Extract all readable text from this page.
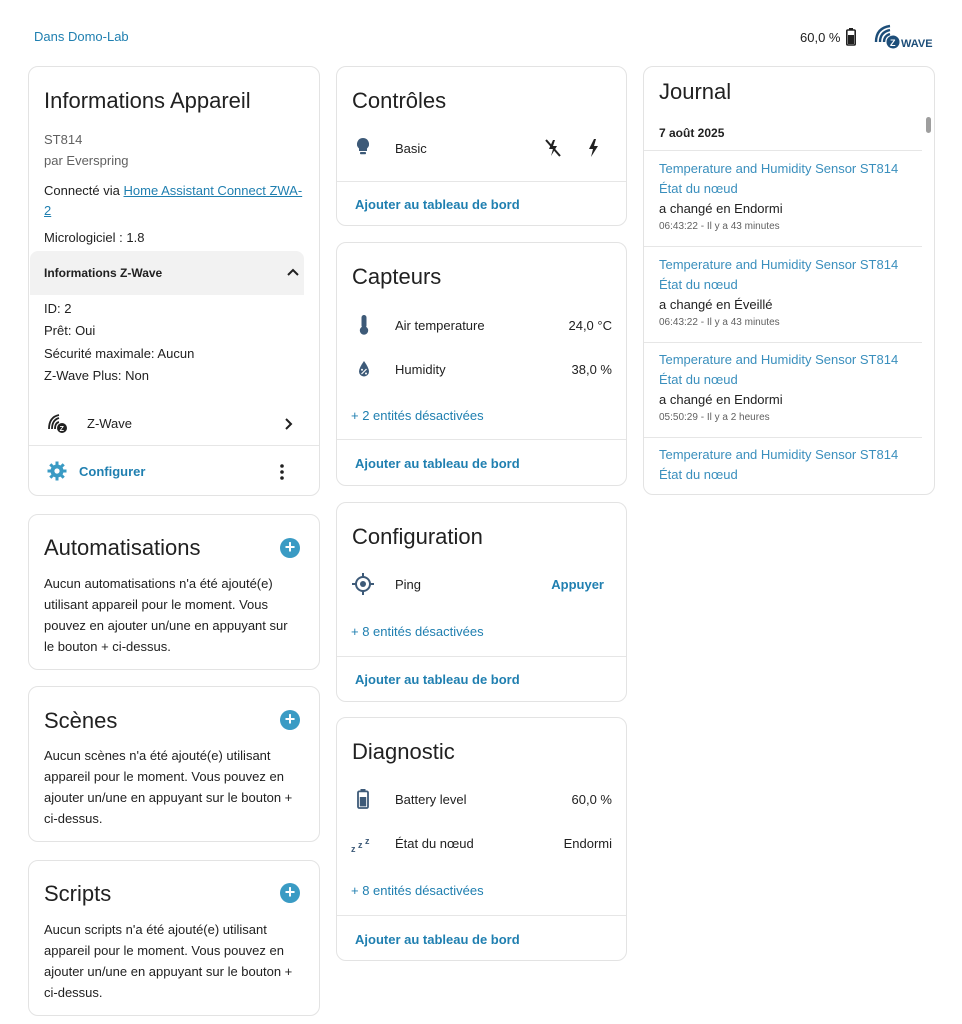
Dans Domo-Lab	60,0 %	Z WAVE
Informations Appareil
ST814
par Everspring
Connecté via Home Assistant Connect ZWA-
2
Micrologiciel : 1.8
Informations Z-Wave
ID: 2
Prêt: Oui
Sécurité maximale: Aucun
Z-Wave Plus: Non
Z Z-Wave
Configurer
Automatisations	+
Aucun automatisations n'a été ajouté(e) utilisant appareil pour le moment. Vous pouvez en ajouter un/une en appuyant sur le bouton + ci-dessus.
Scènes	+
Aucun scènes n'a été ajouté(e) utilisant appareil pour le moment. Vous pouvez en ajouter un/une en appuyant sur le bouton + ci-dessus.
Scripts	+
Aucun scripts n'a été ajouté(e) utilisant appareil pour le moment. Vous pouvez en ajouter un/une en appuyant sur le bouton + ci-dessus.
Contrôles
Basic
Ajouter au tableau de bord
Capteurs
Air temperature	24,0 °C
Humidity	38,0 %
+ 2 entités désactivées
Ajouter au tableau de bord
Configuration
Ping	Appuyer
+ 8 entités désactivées
Ajouter au tableau de bord
Diagnostic
Battery level	60,0 %
z z z État du nœud	Endormi
+ 8 entités désactivées
Ajouter au tableau de bord
Journal
7 août 2025
Temperature and Humidity Sensor ST814
État du nœud
a changé en Endormi
06:43:22 - Il y a 43 minutes
Temperature and Humidity Sensor ST814
État du nœud
a changé en Éveillé
06:43:22 - Il y a 43 minutes
Temperature and Humidity Sensor ST814
État du nœud
a changé en Endormi
05:50:29 - Il y a 2 heures
Temperature and Humidity Sensor ST814
État du nœud
